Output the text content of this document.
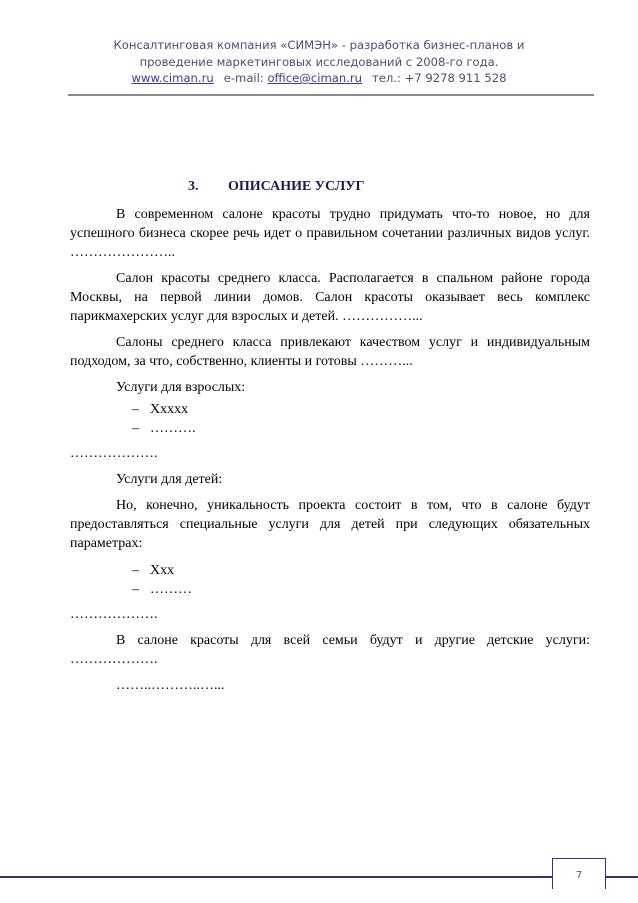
Консалтинговая компания «СИМЭН» - разработка бизнес-планов и
проведение маркетинговых исследований с 2008-го года.
www.ciman.ru e-mail: office@ciman.ru тел.: +7 9278 911 528
3. ОПИСАНИЕ УСЛУГ

В современном салоне красоты трудно придумать что-то новое, но для успешного бизнеса скорее речь идет о правильном сочетании различных видов услуг. …………………..

Салон красоты среднего класса. Располагается в спальном районе города Москвы, на первой линии домов. Салон красоты оказывает весь комплекс парикмахерских услуг для взрослых и детей. ……………...

Салоны среднего класса привлекают качеством услуг и индивидуальным подходом, за что, собственно, клиенты и готовы ………...

Услуги для взрослых:

– Ххххх
– ……….
……………….

Услуги для детей:

Но, конечно, уникальность проекта состоит в том, что в салоне будут предоставляться специальные услуги для детей при следующих обязательных параметрах:

– Ххх
– ………
……………….

В салоне красоты для всей семьи будут и другие детские услуги: ……………….

……..………..…...

7
